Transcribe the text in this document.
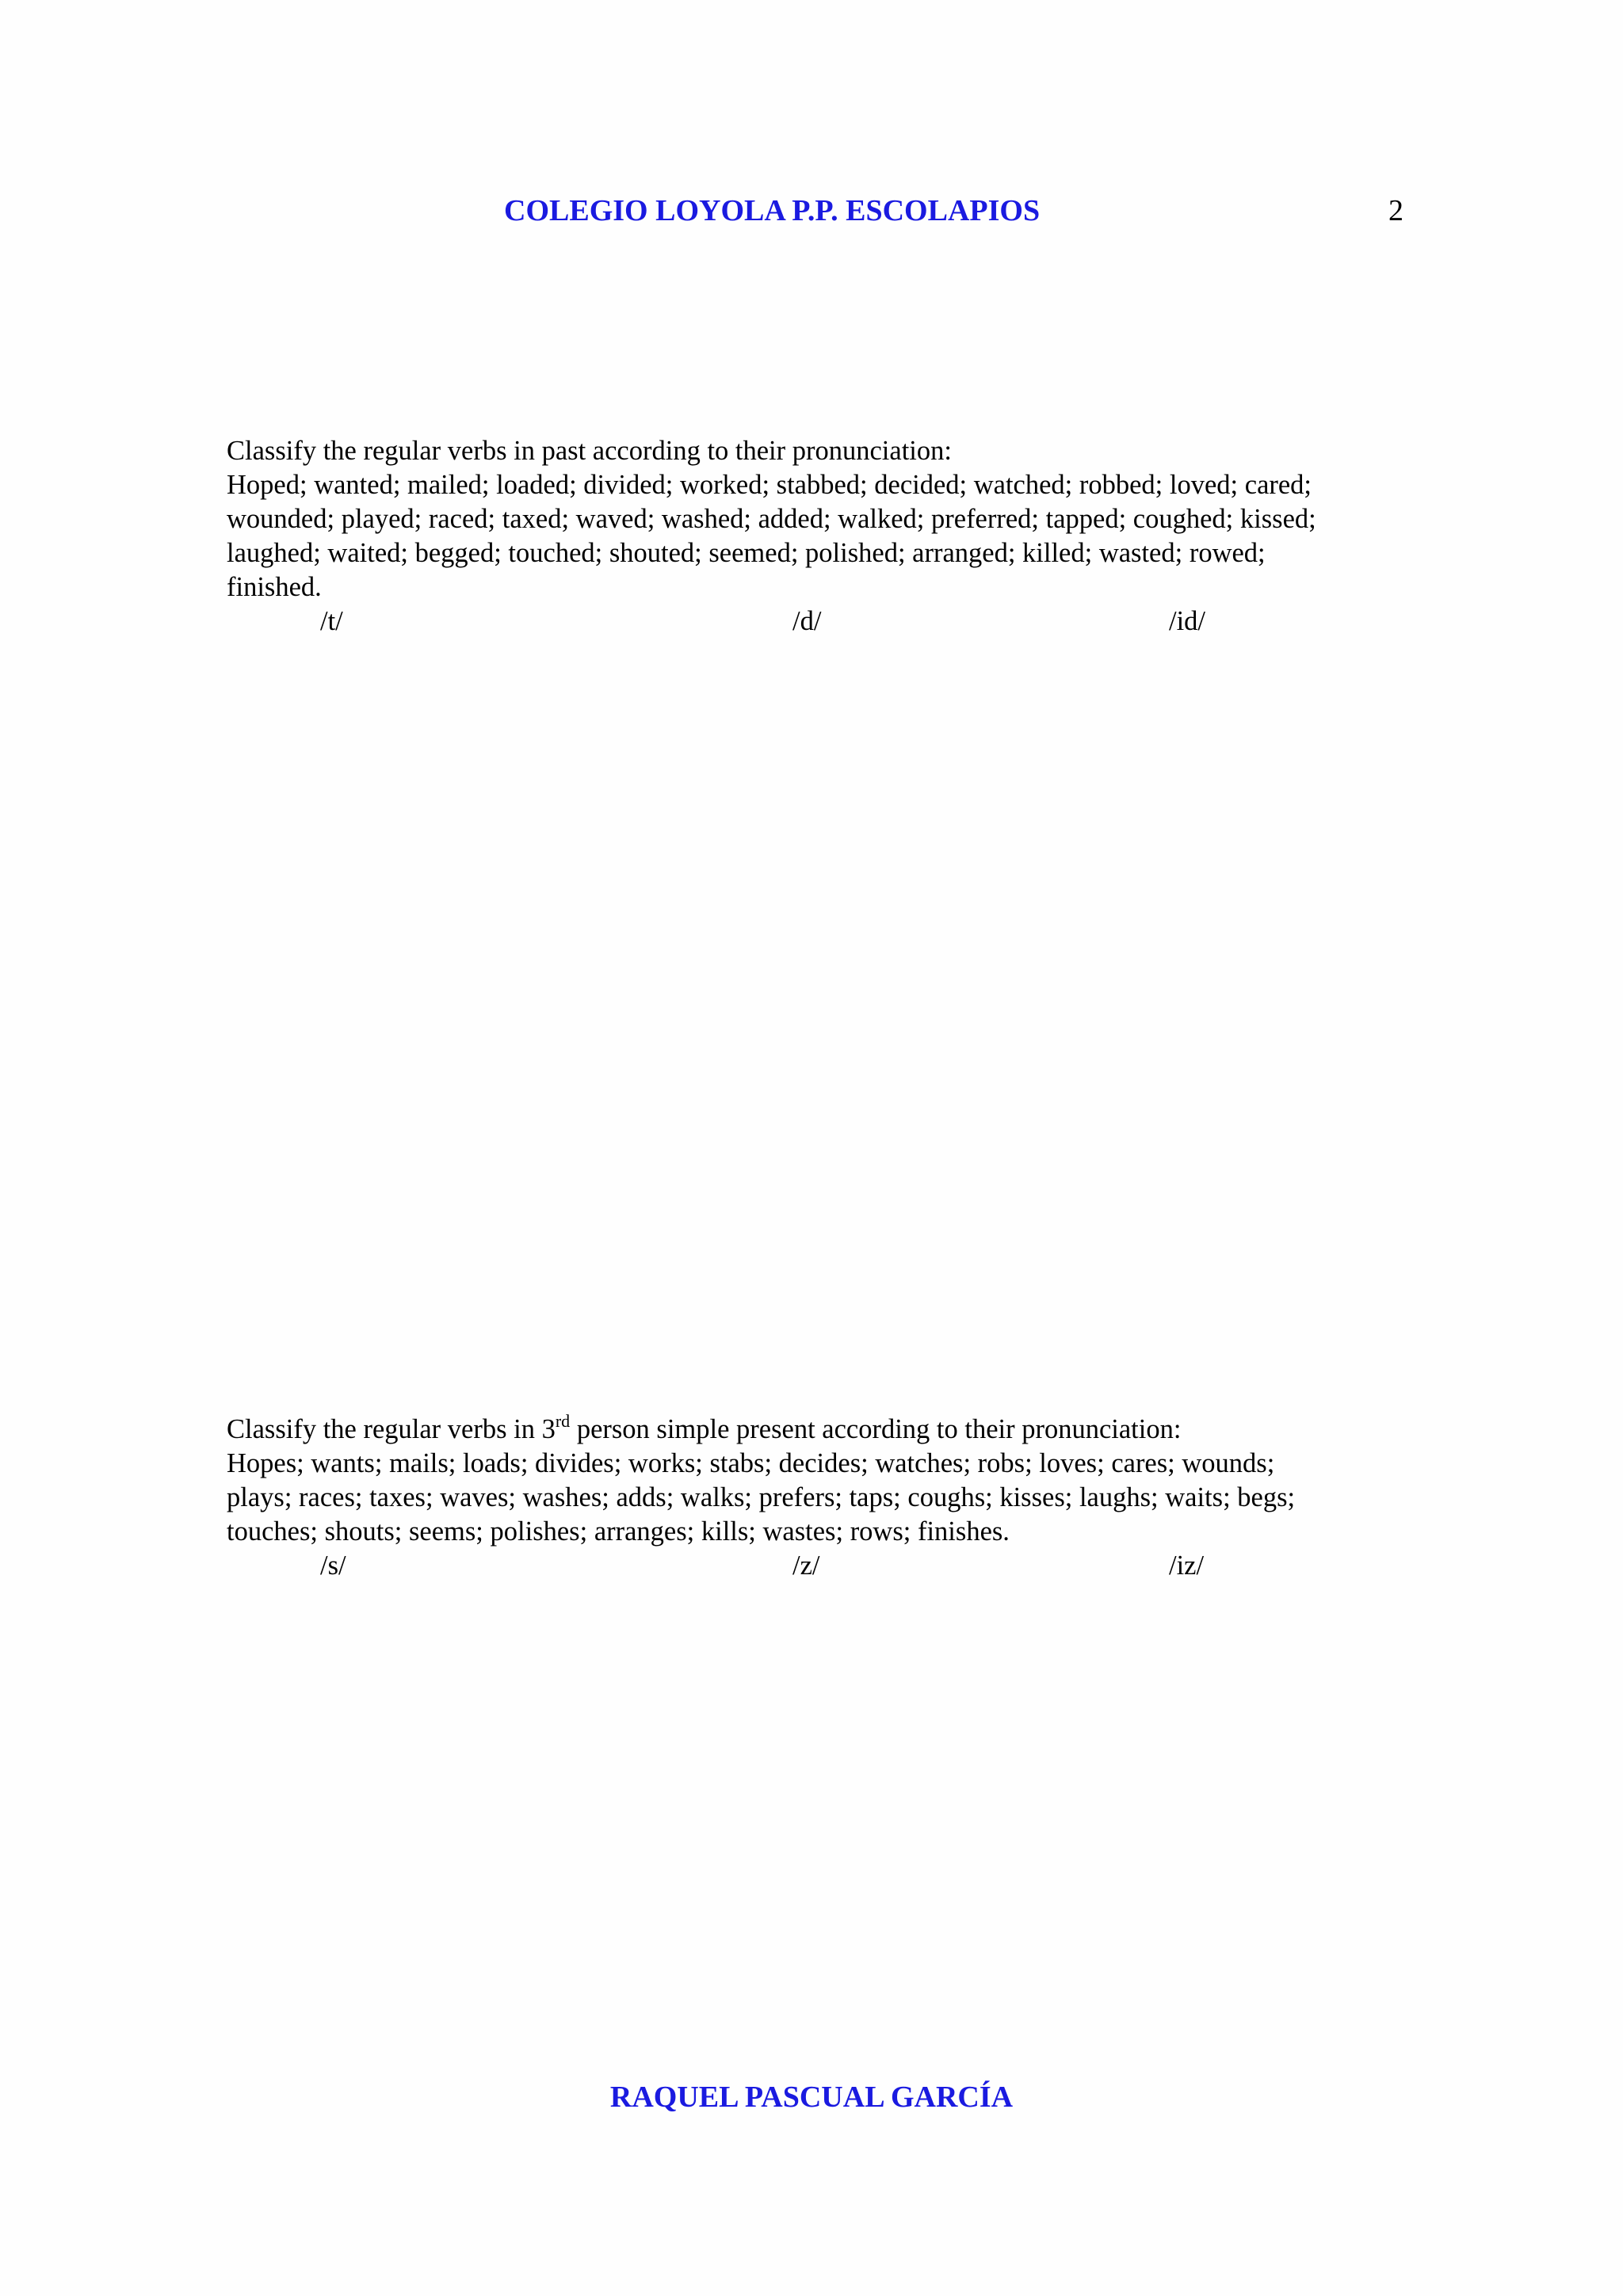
COLEGIO LOYOLA P.P. ESCOLAPIOS	2

Classify the regular verbs in past according to their pronunciation:

Hoped; wanted; mailed; loaded; divided; worked; stabbed; decided; watched; robbed; loved; cared;

wounded; played; raced; taxed; waved; washed; added; walked; preferred; tapped; coughed; kissed;

laughed; waited; begged; touched; shouted; seemed; polished; arranged; killed; wasted; rowed;

finished.

/t/	/d/	/id/

Classify the regular verbs in 3rd person simple present according to their pronunciation:

Hopes; wants; mails; loads; divides; works; stabs; decides; watches; robs; loves; cares; wounds;

plays; races; taxes; waves; washes; adds; walks; prefers; taps; coughs; kisses; laughs; waits; begs;

touches; shouts; seems; polishes; arranges; kills; wastes; rows; finishes.

/s/	/z/	/iz/
RAQUEL PASCUAL GARCÍA
